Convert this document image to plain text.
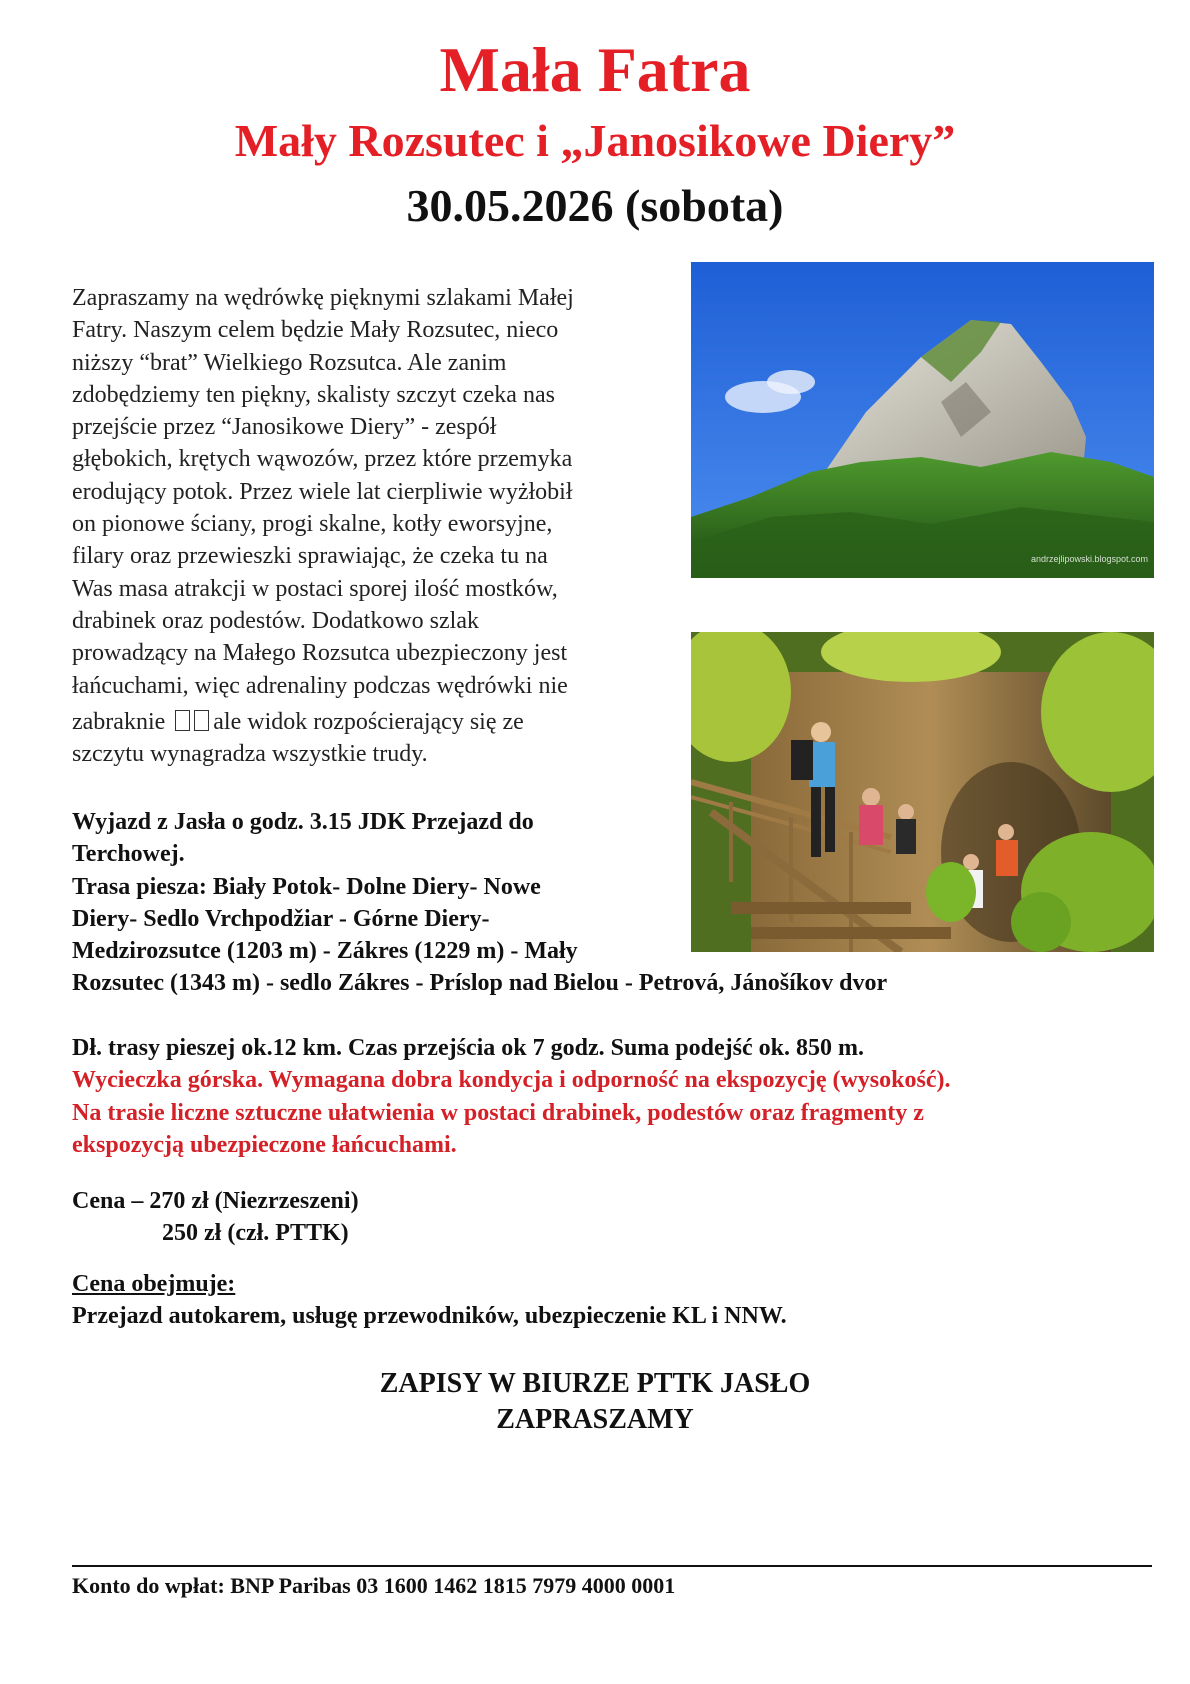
Mała Fatra
Mały Rozsutec i „Janosikowe Diery”
30.05.2026 (sobota)
Zapraszamy na wędrówkę pięknymi szlakami Małej
Fatry. Naszym celem będzie Mały Rozsutec, nieco
niższy “brat” Wielkiego Rozsutca. Ale zanim
zdobędziemy ten piękny, skalisty szczyt czeka nas
przejście przez “Janosikowe Diery” - zespół
głębokich, krętych wąwozów, przez które przemyka
erodujący potok. Przez wiele lat cierpliwie wyżłobił
on pionowe ściany, progi skalne, kotły eworsyjne,
filary oraz przewieszki sprawiając, że czeka tu na
Was masa atrakcji w postaci sporej ilość mostków,
drabinek oraz podestów. Dodatkowo szlak
prowadzący na Małego Rozsutca ubezpieczony jest
łańcuchami, więc adrenaliny podczas wędrówki nie
zabraknie ale widok rozpościerający się ze
szczytu wynagradza wszystkie trudy.
andrzejlipowski.blogspot.com
Wyjazd z Jasła o godz. 3.15 JDK Przejazd do
Terchowej.
Trasa piesza: Biały Potok- Dolne Diery- Nowe
Diery- Sedlo Vrchpodžiar - Górne Diery-
Medzirozsutce (1203 m) - Zákres (1229 m) - Mały
Rozsutec (1343 m) - sedlo Zákres - Príslop nad Bielou - Petrová, Jánošíkov dvor
Dł. trasy pieszej ok.12 km. Czas przejścia ok 7 godz. Suma podejść ok. 850 m.
Wycieczka górska. Wymagana dobra kondycja i odporność na ekspozycję (wysokość).
Na trasie liczne sztuczne ułatwienia w postaci drabinek, podestów oraz fragmenty z
ekspozycją ubezpieczone łańcuchami.
Cena – 270 zł (Niezrzeszeni)
250 zł (czł. PTTK)
Cena obejmuje:
Przejazd autokarem, usługę przewodników, ubezpieczenie KL i NNW.
ZAPISY W BIURZE PTTK JASŁO
ZAPRASZAMY
Konto do wpłat: BNP Paribas 03 1600 1462 1815 7979 4000 0001
